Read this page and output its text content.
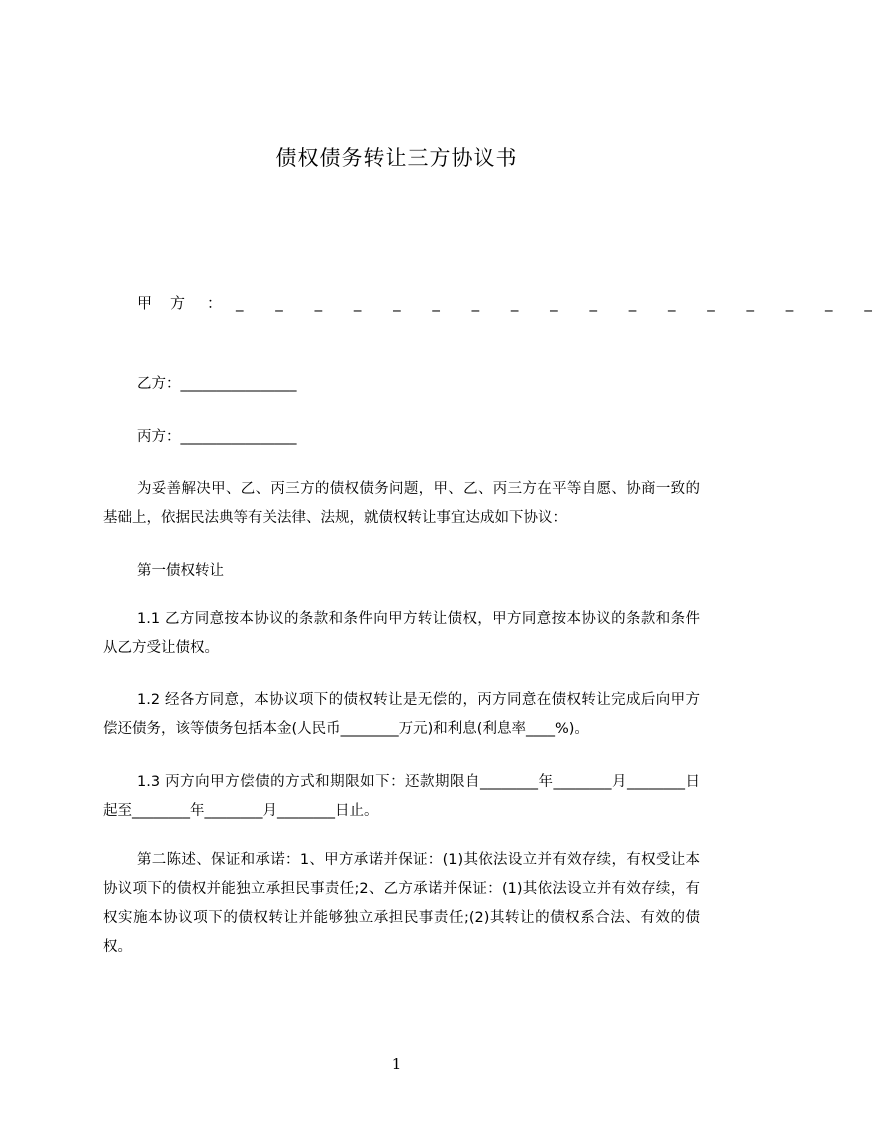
债权债务转让三方协议书
甲方 ： _ _ _ _ _ _ _ _ _ _ _ _ _ _ _ _ _
乙方：________________
丙方：________________
为妥善解决甲、乙、丙三方的债权债务问题，甲、乙、丙三方在平等自愿、协商一致的基础上，依据民法典等有关法律、法规，就债权转让事宜达成如下协议：
第一债权转让
1.1 乙方同意按本协议的条款和条件向甲方转让债权，甲方同意按本协议的条款和条件从乙方受让债权。
1.2 经各方同意，本协议项下的债权转让是无偿的，丙方同意在债权转让完成后向甲方偿还债务，该等债务包括本金(人民币________万元)和利息(利息率____%)。
1.3 丙方向甲方偿债的方式和期限如下：还款期限自________年________月________日起至________年________月________日止。
第二陈述、保证和承诺：1、甲方承诺并保证：(1)其依法设立并有效存续，有权受让本协议项下的债权并能独立承担民事责任;2、乙方承诺并保证：(1)其依法设立并有效存续，有权实施本协议项下的债权转让并能够独立承担民事责任;(2)其转让的债权系合法、有效的债权。
1
